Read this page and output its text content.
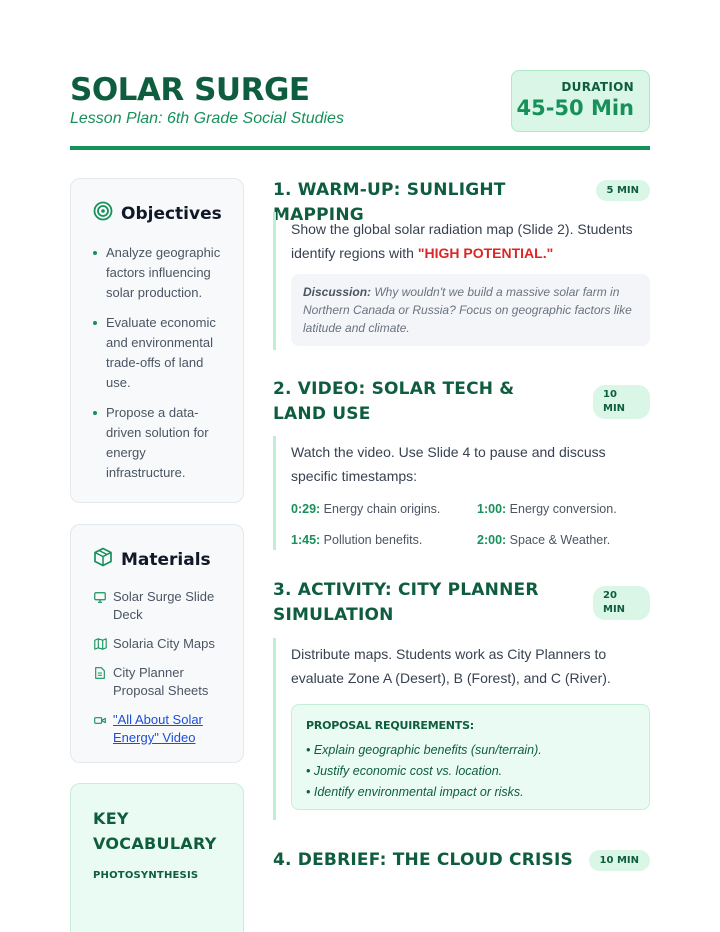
SOLAR SURGE
Lesson Plan: 6th Grade Social Studies
DURATION
45-50 Min
Objectives
Analyze geographic factors influencing solar production.
Evaluate economic and environmental trade-offs of land use.
Propose a data-driven solution for energy infrastructure.
Materials
Solar Surge Slide Deck
Solaria City Maps
City Planner Proposal Sheets
"All About Solar Energy" Video
KEY VOCABULARY
PHOTOSYNTHESIS
1. WARM-UP: SUNLIGHT MAPPING
5 MIN
Show the global solar radiation map (Slide 2). Students identify regions with "HIGH POTENTIAL."
Discussion: Why wouldn't we build a massive solar farm in Northern Canada or Russia? Focus on geographic factors like latitude and climate.
2. VIDEO: SOLAR TECH & LAND USE
10 MIN
Watch the video. Use Slide 4 to pause and discuss specific timestamps:
0:29: Energy chain origins.	1:00: Energy conversion.
1:45: Pollution benefits.	2:00: Space & Weather.
3. ACTIVITY: CITY PLANNER SIMULATION
20 MIN
Distribute maps. Students work as City Planners to evaluate Zone A (Desert), B (Forest), and C (River).
PROPOSAL REQUIREMENTS:
• Explain geographic benefits (sun/terrain).
• Justify economic cost vs. location.
• Identify environmental impact or risks.
4. DEBRIEF: THE CLOUD CRISIS	10 MIN
